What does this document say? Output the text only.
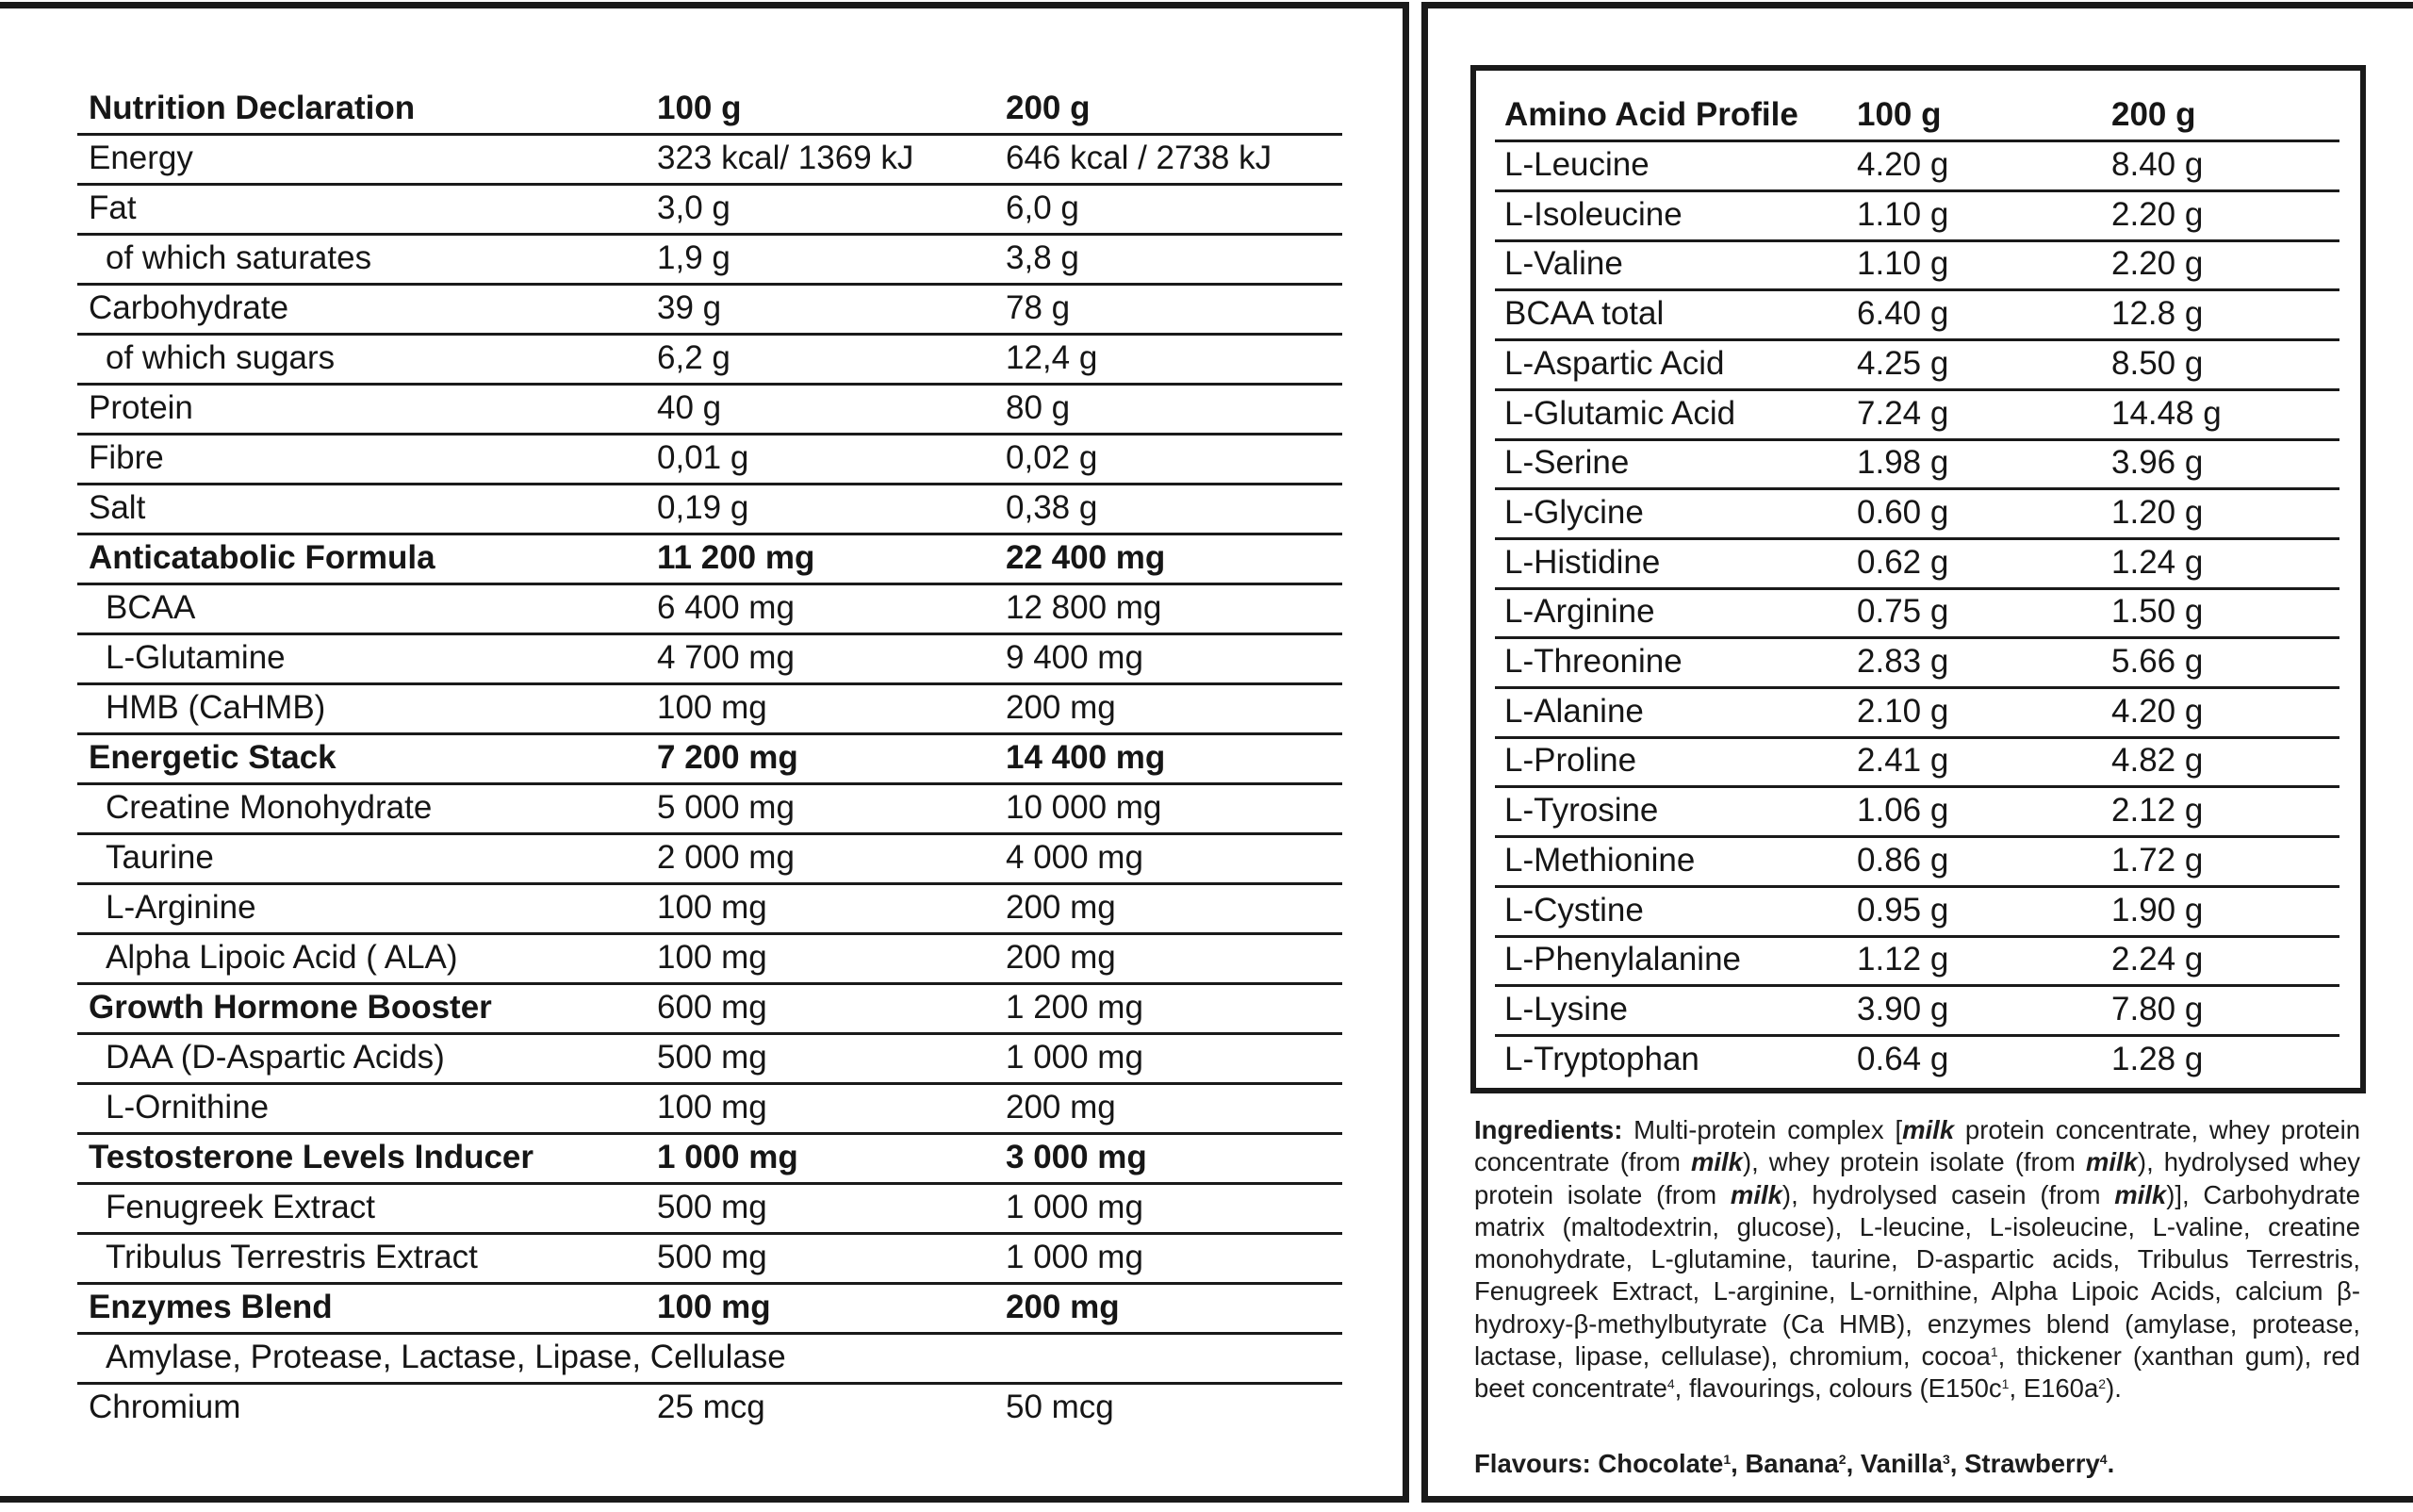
Nutrition Declaration	100 g	200 g
Energy	323 kcal/ 1369 kJ	646 kcal / 2738 kJ
Fat	3,0 g	6,0 g
of which saturates	1,9 g	3,8 g
Carbohydrate	39 g	78 g
of which sugars	6,2 g	12,4 g
Protein	40 g	80 g
Fibre	0,01 g	0,02 g
Salt	0,19 g	0,38 g
Anticatabolic Formula	11 200 mg	22 400 mg
BCAA	6 400 mg	12 800 mg
L-Glutamine	4 700 mg	9 400 mg
HMB (CaHMB)	100 mg	200 mg
Energetic Stack	7 200 mg	14 400 mg
Creatine Monohydrate	5 000 mg	10 000 mg
Taurine	2 000 mg	4 000 mg
L-Arginine	100 mg	200 mg
Alpha Lipoic Acid ( ALA)	100 mg	200 mg
Growth Hormone Booster	600 mg	1 200 mg
DAA (D-Aspartic Acids)	500 mg	1 000 mg
L-Ornithine	100 mg	200 mg
Testosterone Levels Inducer	1 000 mg	3 000 mg
Fenugreek Extract	500 mg	1 000 mg
Tribulus Terrestris Extract	500 mg	1 000 mg
Enzymes Blend	100 mg	200 mg
Amylase, Protease, Lactase, Lipase, Cellulase
Chromium	25 mcg	50 mcg
Amino Acid Profile 100 g	200 g
L-Leucine	4.20 g	8.40 g
L-Isoleucine	1.10 g	2.20 g
L-Valine	1.10 g	2.20 g
BCAA total	6.40 g	12.8 g
L-Aspartic Acid	4.25 g	8.50 g
L-Glutamic Acid	7.24 g	14.48 g
L-Serine	1.98 g	3.96 g
L-Glycine	0.60 g	1.20 g
L-Histidine	0.62 g	1.24 g
L-Arginine	0.75 g	1.50 g
L-Threonine	2.83 g	5.66 g
L-Alanine	2.10 g	4.20 g
L-Proline	2.41 g	4.82 g
L-Tyrosine	1.06 g	2.12 g
L-Methionine	0.86 g	1.72 g
L-Cystine	0.95 g	1.90 g
L-Phenylalanine	1.12 g	2.24 g
L-Lysine	3.90 g	7.80 g
L-Tryptophan	0.64 g	1.28 g
Ingredients: Multi-protein complex [milk protein concentrate, whey protein concentrate (from milk), whey protein isolate (from milk), hydrolysed whey protein isolate (from milk), hydrolysed casein (from milk)], Carbohydrate matrix (maltodextrin, glucose), L-leucine, L-isoleucine, L-valine, creatine monohydrate, L-glutamine, taurine, D-aspartic acids, Tribulus Terrestris, Fenugreek Extract, L-arginine, L-ornithine, Alpha Lipoic Acids, calcium β-hydroxy-β-methylbutyrate (Ca HMB), enzymes blend (amylase, protease, lactase, lipase, cellulase), chromium, cocoa$^1$, thickener (xanthan gum), red beet concentrate$^4$, flavourings, colours ($E150c^1$, $E160a^2$).
Flavours: Chocolate$^1$, Banana$^2$, Vanilla$^3$, Strawberry$^4$.
